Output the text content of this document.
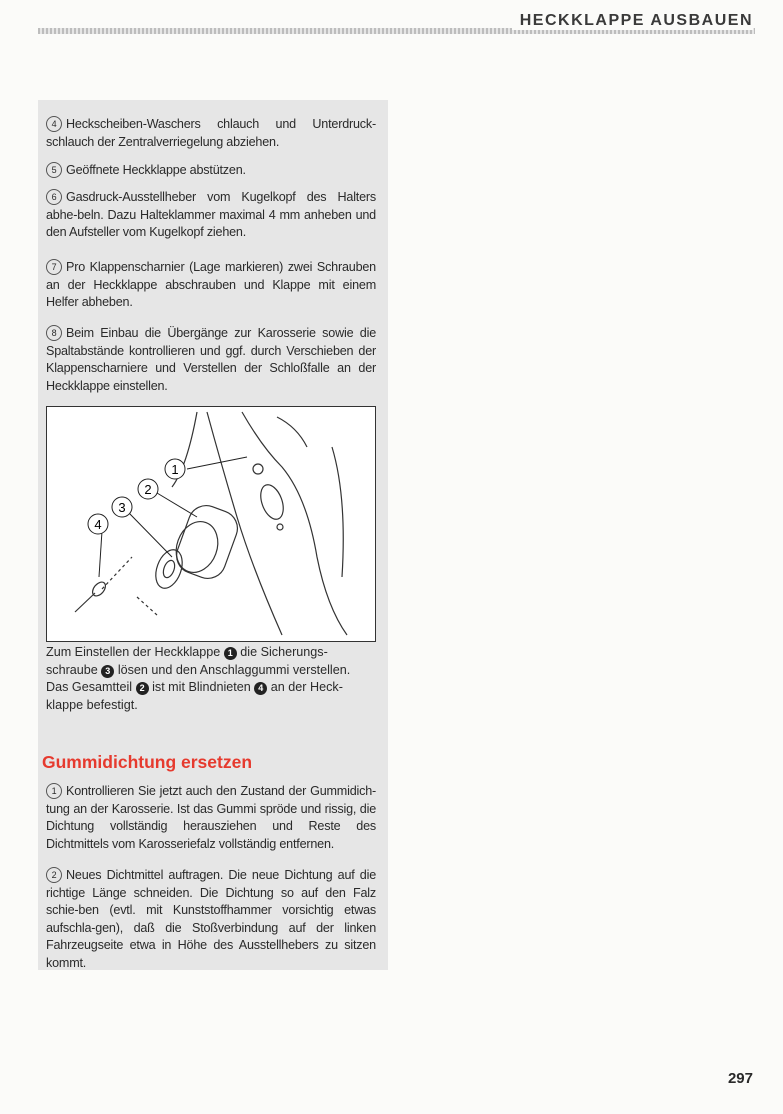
HECKKLAPPE AUSBAUEN
4 Heckscheiben-Waschers chlauch und Unterdruck-schlauch der Zentralverriegelung abziehen.
5 Geöffnete Heckklappe abstützen.
6 Gasdruck-Ausstellheber vom Kugelkopf des Halters abhe-beln. Dazu Halteklammer maximal 4 mm anheben und den Aufsteller vom Kugelkopf ziehen.
7 Pro Klappenscharnier (Lage markieren) zwei Schrauben an der Heckklappe abschrauben und Klappe mit einem Helfer abheben.
8 Beim Einbau die Übergänge zur Karosserie sowie die Spaltabstände kontrollieren und ggf. durch Verschieben der Klappenscharniere und Verstellen der Schloßfalle an der Heckklappe einstellen.
1
2
3
4
Zum Einstellen der Heckklappe 1 die Sicherungs-schraube 3 lösen und den Anschlaggummi verstellen. Das Gesamtteil 2 ist mit Blindnieten 4 an der Heck-klappe befestigt.
Gummidichtung ersetzen
1 Kontrollieren Sie jetzt auch den Zustand der Gummidich-tung an der Karosserie. Ist das Gummi spröde und rissig, die Dichtung vollständig herausziehen und Reste des Dichtmittels vom Karosseriefalz vollständig entfernen.
2 Neues Dichtmittel auftragen. Die neue Dichtung auf die richtige Länge schneiden. Die Dichtung so auf den Falz schie-ben (evtl. mit Kunststoffhammer vorsichtig etwas aufschla-gen), daß die Stoßverbindung auf der linken Fahrzeugseite etwa in Höhe des Ausstellhebers zu sitzen kommt.
297
